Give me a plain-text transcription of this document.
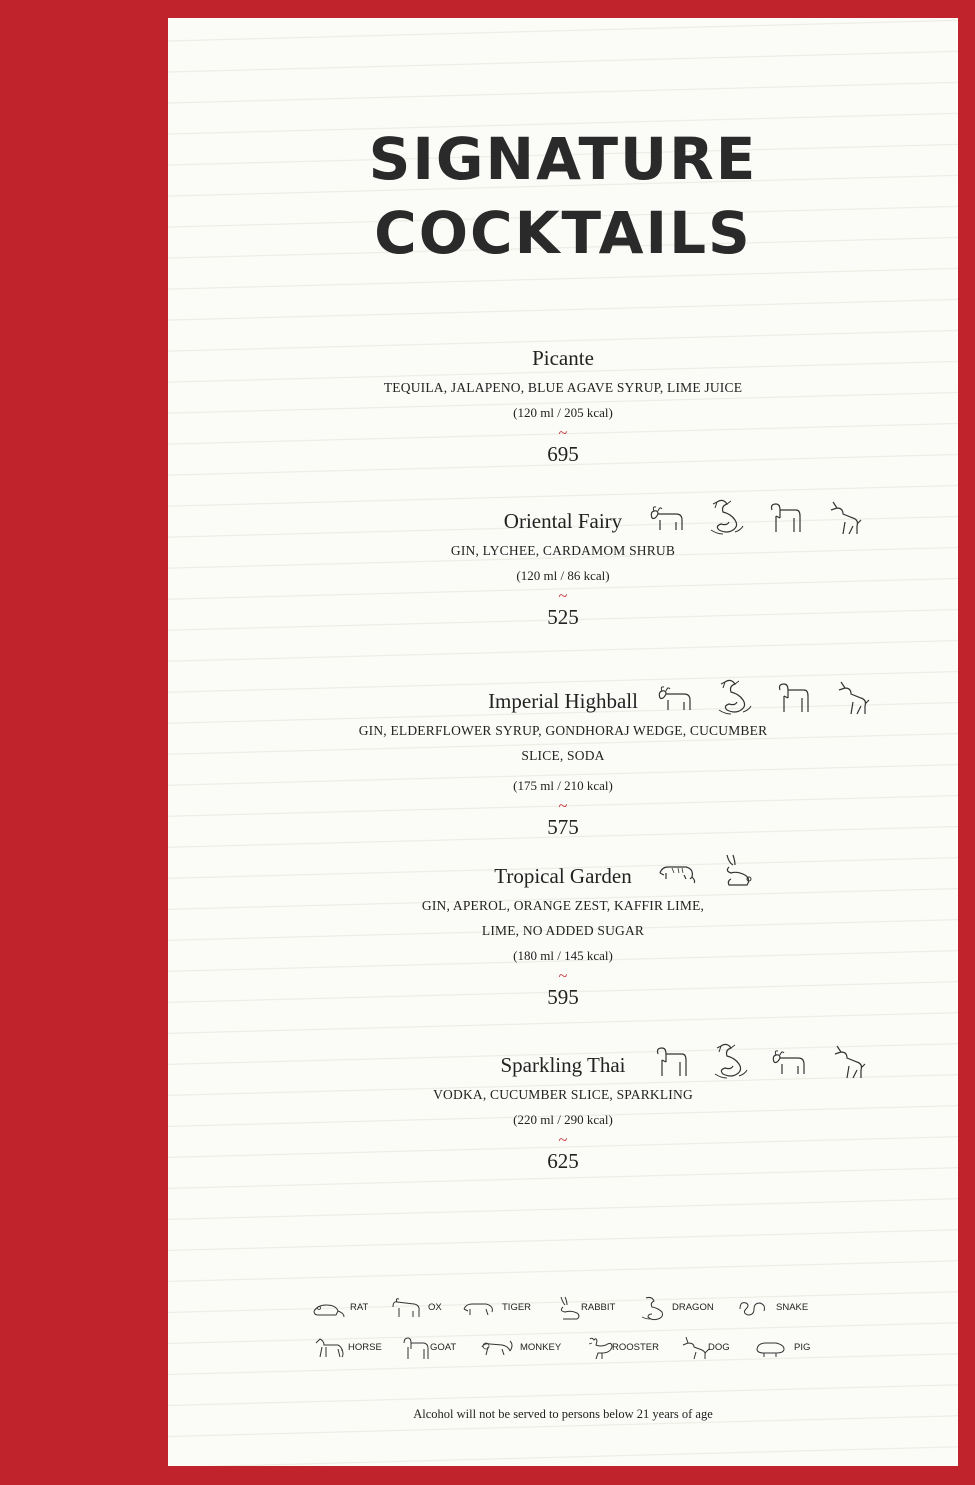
SIGNATURE
COCKTAILS
Picante
TEQUILA, JALAPENO, BLUE AGAVE SYRUP, LIME JUICE
(120 ml / 205 kcal)
~
695
Oriental Fairy

GIN, LYCHEE, CARDAMOM SHRUB
(120 ml / 86 kcal)
~
525
Imperial Highball

GIN, ELDERFLOWER SYRUP, GONDHORAJ WEDGE, CUCUMBER
SLICE, SODA
(175 ml / 210 kcal)
~
575
Tropical Garden

GIN, APEROL, ORANGE ZEST, KAFFIR LIME,
LIME, NO ADDED SUGAR
(180 ml / 145 kcal)
~
595
Sparkling Thai

VODKA, CUCUMBER SLICE, SPARKLING
(220 ml / 290 kcal)
~
625
RAT	OX	TIGER	RABBIT	DRAGON	SNAKE
HORSE	GOAT	MONKEY	ROOSTER	DOG	PIG
Alcohol will not be served to persons below 21 years of age
